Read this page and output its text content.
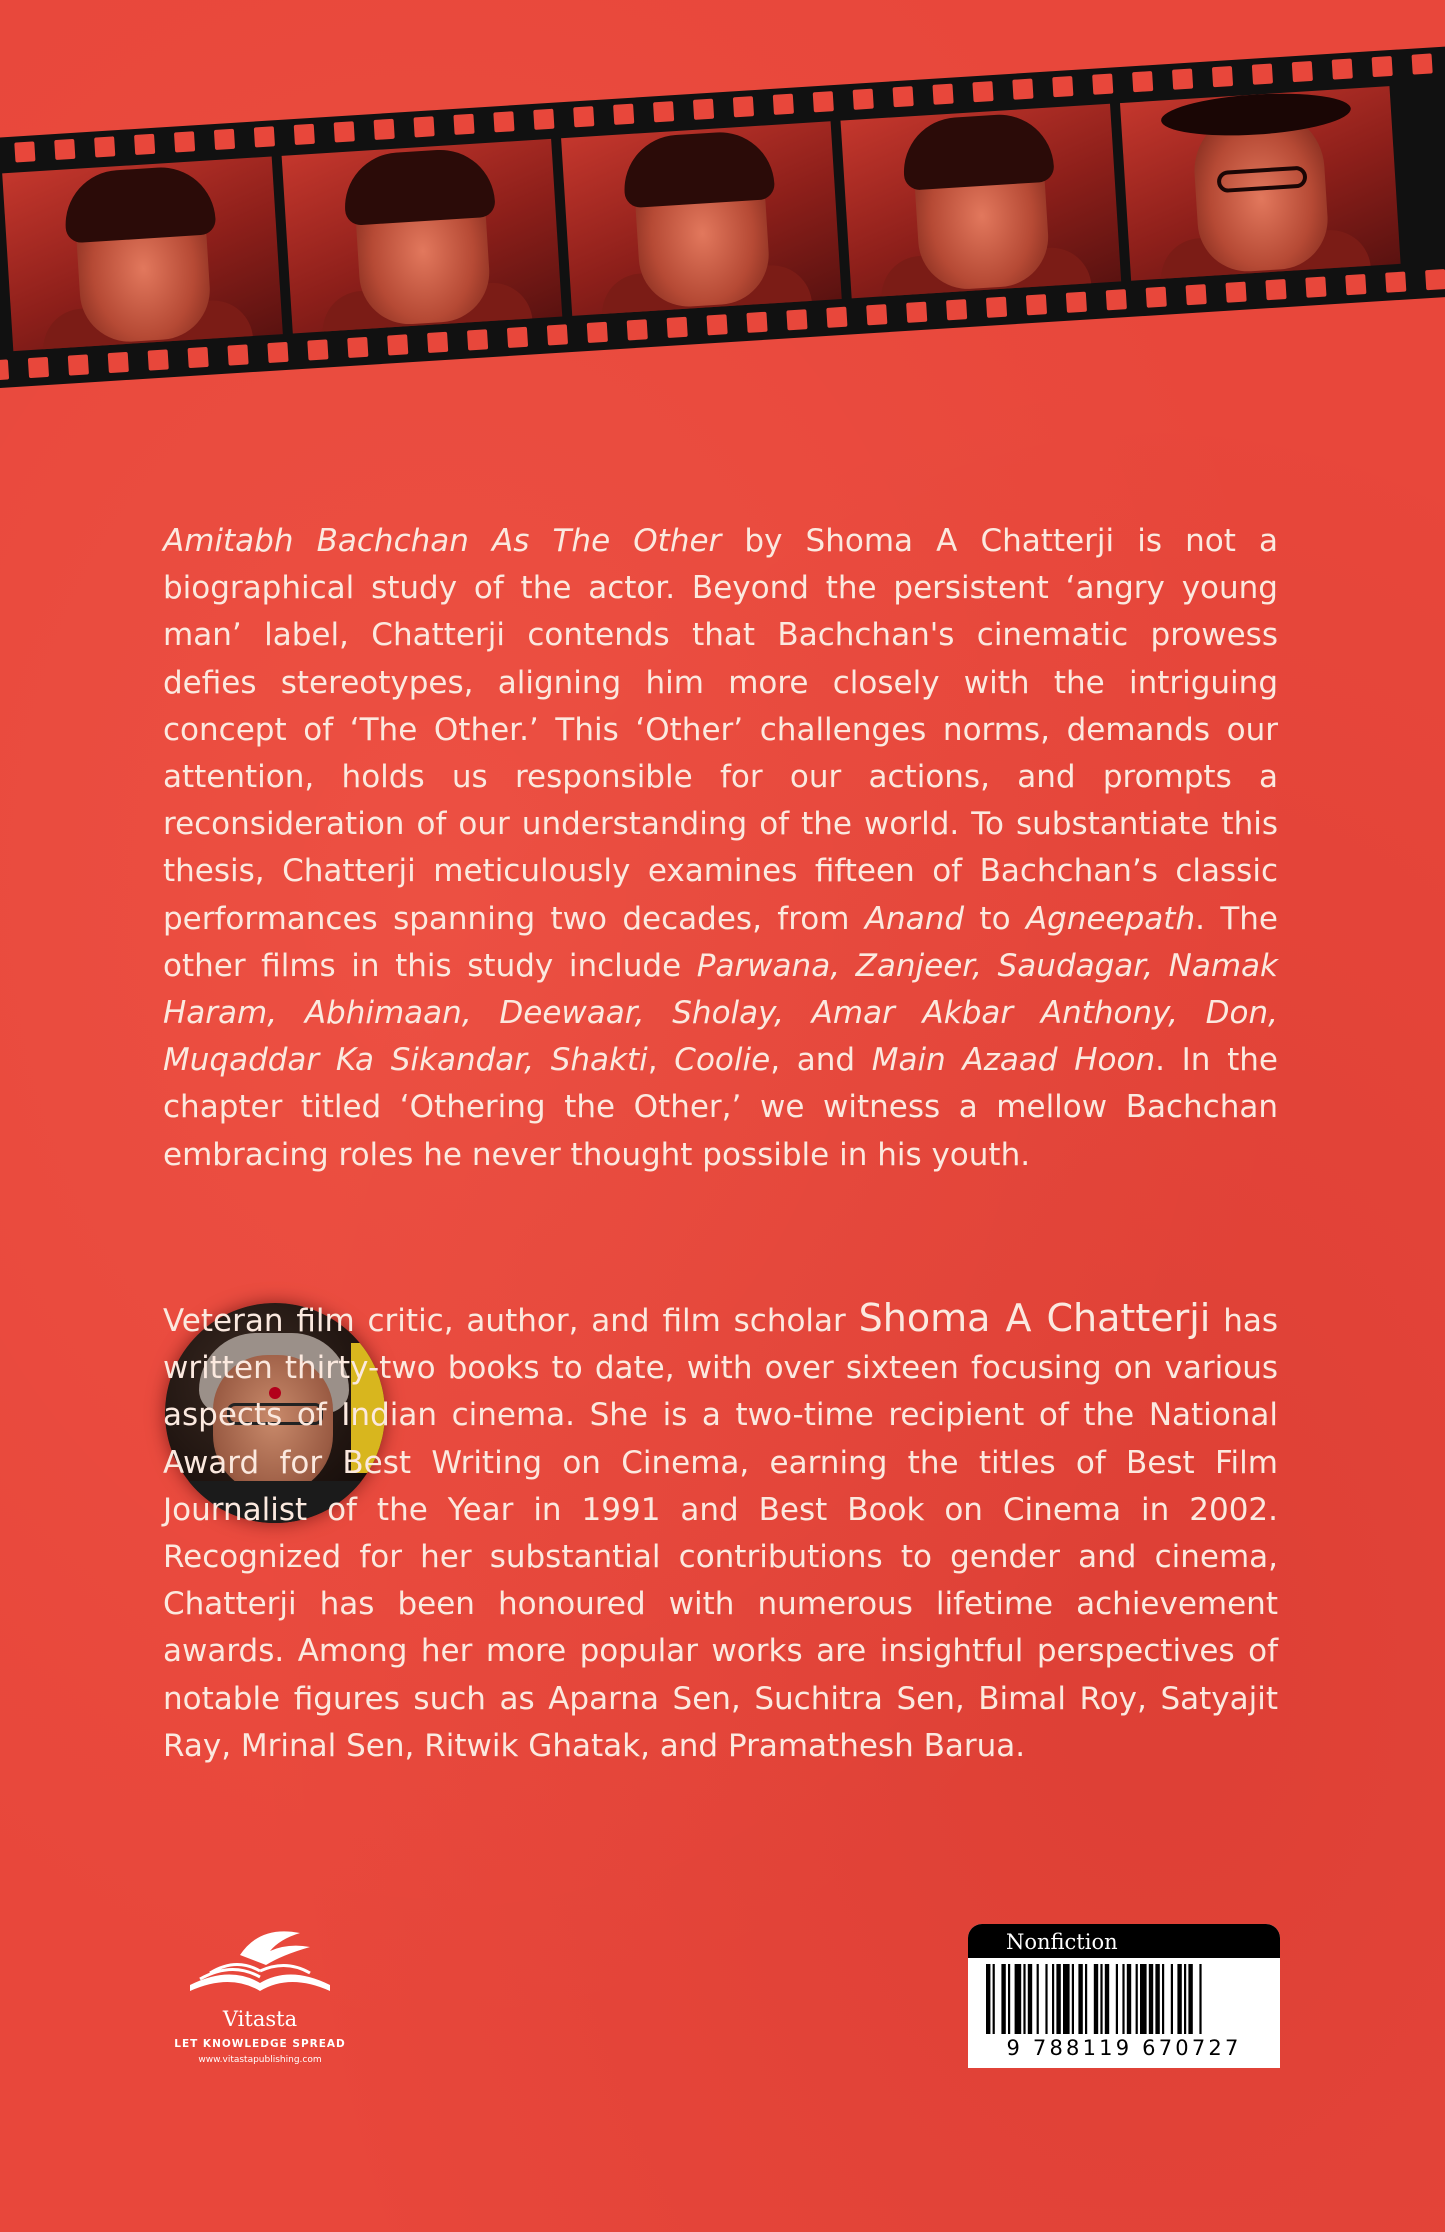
Amitabh Bachchan As The Other by Shoma A Chatterji is not a biographical study of the actor. Beyond the persistent ‘angry young man’ label, Chatterji contends that Bachchan's cinematic prowess defies stereotypes, aligning him more closely with the intriguing concept of ‘The Other.’ This ‘Other’ challenges norms, demands our attention, holds us responsible for our actions, and prompts a reconsideration of our understanding of the world. To substantiate this thesis, Chatterji meticulously examines fifteen of Bachchan’s classic performances spanning two decades, from Anand to Agneepath. The other films in this study include Parwana, Zanjeer, Saudagar, Namak Haram, Abhimaan, Deewaar, Sholay, Amar Akbar Anthony, Don, Muqaddar Ka Sikandar, Shakti, Coolie, and Main Azaad Hoon. In the chapter titled ‘Othering the Other,’ we witness a mellow Bachchan embracing roles he never thought possible in his youth.

Veteran film critic, author, and film scholar Shoma A Chatterji has written thirty-two books to date, with over sixteen focusing on various aspects of Indian cinema. She is a two-time recipient of the National Award for Best Writing on Cinema, earning the titles of Best Film Journalist of the Year in 1991 and Best Book on Cinema in 2002. Recognized for her substantial contributions to gender and cinema, Chatterji has been honoured with numerous lifetime achievement awards. Among her more popular works are insightful perspectives of notable figures such as Aparna Sen, Suchitra Sen, Bimal Roy, Satyajit Ray, Mrinal Sen, Ritwik Ghatak, and Pramathesh Barua.

Vitasta
LET KNOWLEDGE SPREAD
www.vitastapublishing.com
Nonfiction
9 788119 670727
